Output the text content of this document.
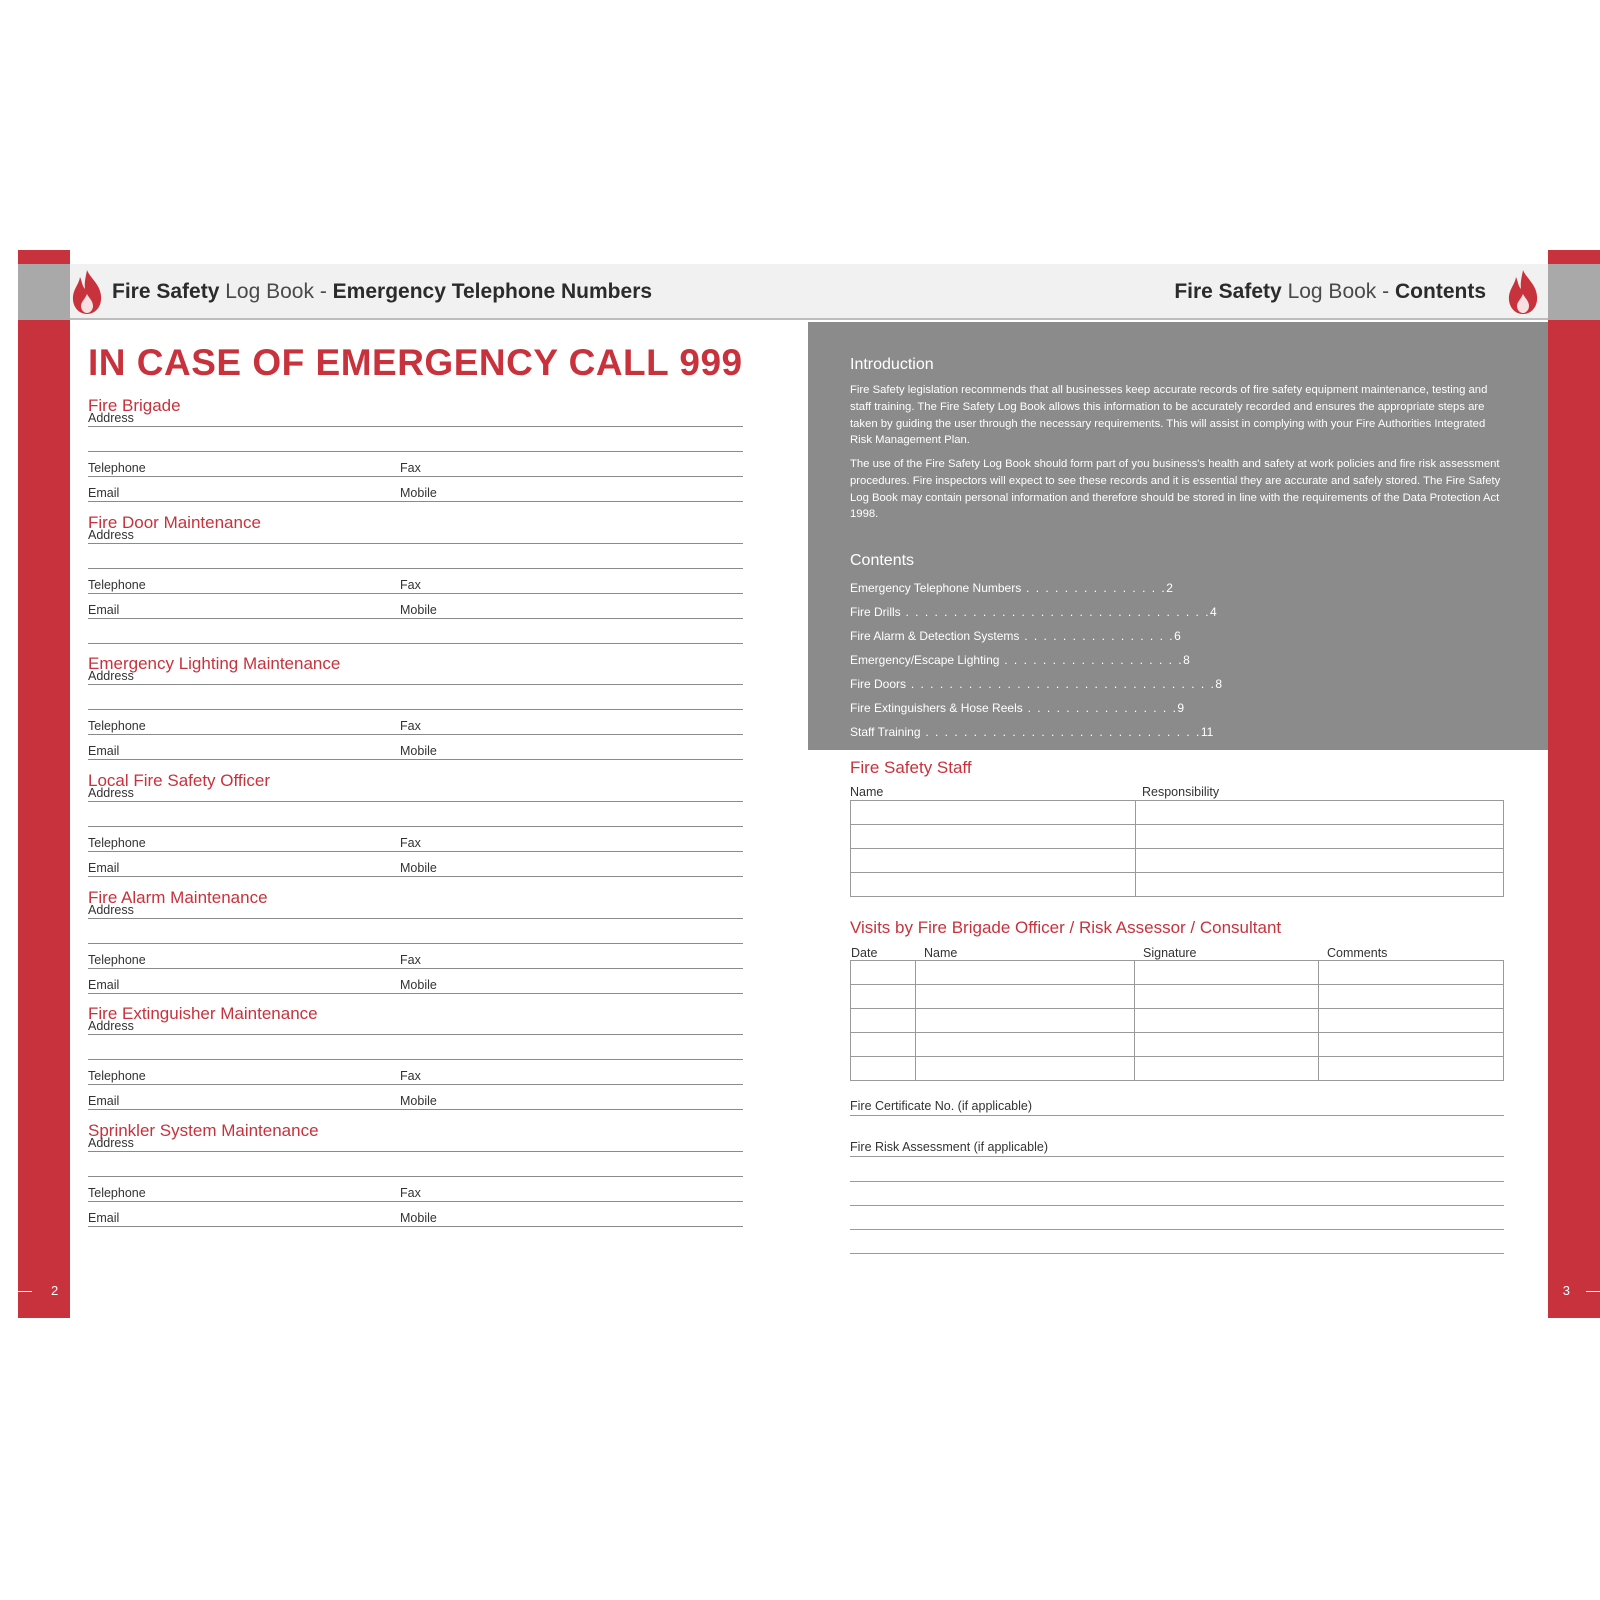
Fire Safety Log Book - Emergency Telephone Numbers
IN CASE OF EMERGENCY CALL 999
Fire Brigade
Address
Telephone	Fax
Email	Mobile
Fire Door Maintenance
Address
Telephone	Fax
Email	Mobile
Emergency Lighting Maintenance
Address
Telephone	Fax
Email	Mobile
Local Fire Safety Officer
Address
Telephone	Fax
Email	Mobile
Fire Alarm Maintenance
Address
Telephone	Fax
Email	Mobile
Fire Extinguisher Maintenance
Address
Telephone	Fax
Email	Mobile
Sprinkler System Maintenance
Address
Telephone	Fax
Email	Mobile
2
Fire Safety Log Book - Contents
Introduction
Fire Safety legislation recommends that all businesses keep accurate records of fire safety equipment maintenance, testing and staff training. The Fire Safety Log Book allows this information to be accurately recorded and ensures the appropriate steps are taken by guiding the user through the necessary requirements. This will assist in complying with your Fire Authorities Integrated Risk Management Plan.
The use of the Fire Safety Log Book should form part of you business's health and safety at work policies and fire risk assessment procedures. Fire inspectors will expect to see these records and it is essential they are accurate and safely stored. The Fire Safety Log Book may contain personal information and therefore should be stored in line with the requirements of the Data Protection Act 1998.
Contents
Emergency Telephone Numbers . . . . . . . . . . . . . . .2
Fire Drills . . . . . . . . . . . . . . . . . . . . . . . . . . . . . . . .4
Fire Alarm & Detection Systems . . . . . . . . . . . . . . . .6
Emergency/Escape Lighting . . . . . . . . . . . . . . . . . . .8
Fire Doors . . . . . . . . . . . . . . . . . . . . . . . . . . . . . . . .8
Fire Extinguishers & Hose Reels . . . . . . . . . . . . . . . .9
Staff Training . . . . . . . . . . . . . . . . . . . . . . . . . . . . .11
Fire Safety Staff
Name	Responsibility

Visits by Fire Brigade Officer / Risk Assessor / Consultant
Date	Name	Signature	Comments

Fire Certificate No. (if applicable)
Fire Risk Assessment (if applicable)
3
